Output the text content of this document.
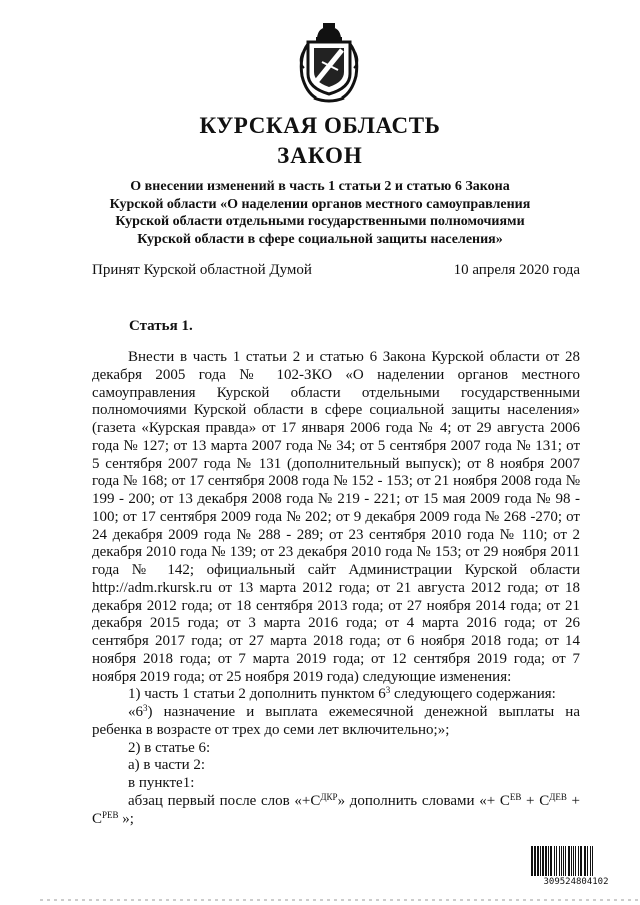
КУРСКАЯ ОБЛАСТЬ
ЗАКОН
О внесении изменений в часть 1 статьи 2 и статью 6 Закона
Курской области «О наделении органов местного самоуправления
Курской области отдельными государственными полномочиями
Курской области в сфере социальной защиты населения»
Принят Курской областной Думой	10 апреля 2020 года
Статья 1.

Внести в часть 1 статьи 2 и статью 6 Закона Курской области от 28 декабря 2005 года № 102-ЗКО «О наделении органов местного самоуправления Курской области отдельными государственными полномочиями Курской области в сфере социальной защиты населения» (газета «Курская правда» от 17 января 2006 года № 4; от 29 августа 2006 года № 127; от 13 марта 2007 года № 34; от 5 сентября 2007 года № 131; от 5 сентября 2007 года № 131 (дополнительный выпуск); от 8 ноября 2007 года № 168; от 17 сентября 2008 года № 152 - 153; от 21 ноября 2008 года № 199 - 200; от 13 декабря 2008 года № 219 - 221; от 15 мая 2009 года № 98 - 100; от 17 сентября 2009 года № 202; от 9 декабря 2009 года № 268 -270; от 24 декабря 2009 года № 288 - 289; от 23 сентября 2010 года № 110; от 2 декабря 2010 года № 139; от 23 декабря 2010 года № 153; от 29 ноября 2011 года № 142; официальный сайт Администрации Курской области http://adm.rkursk.ru от 13 марта 2012 года; от 21 августа 2012 года; от 18 декабря 2012 года; от 18 сентября 2013 года; от 27 ноября 2014 года; от 21 декабря 2015 года; от 3 марта 2016 года; от 4 марта 2016 года; от 26 сентября 2017 года; от 27 марта 2018 года; от 6 ноября 2018 года; от 14 ноября 2018 года; от 7 марта 2019 года; от 12 сентября 2019 года; от 7 ноября 2019 года; от 25 ноября 2019 года) следующие изменения:

1) часть 1 статьи 2 дополнить пунктом $6^3$ следующего содержания:

«$6^3$) назначение и выплата ежемесячной денежной выплаты на ребенка в возрасте от трех до семи лет включительно;»;

2) в статье 6:

а) в части 2:

в пункте1:

абзац первый после слов «$+С^{ДКР}$» дополнить словами «+ $С^{ЕВ} + С^{ДЕВ} + С^{РЕВ}$ »;

309524804102
